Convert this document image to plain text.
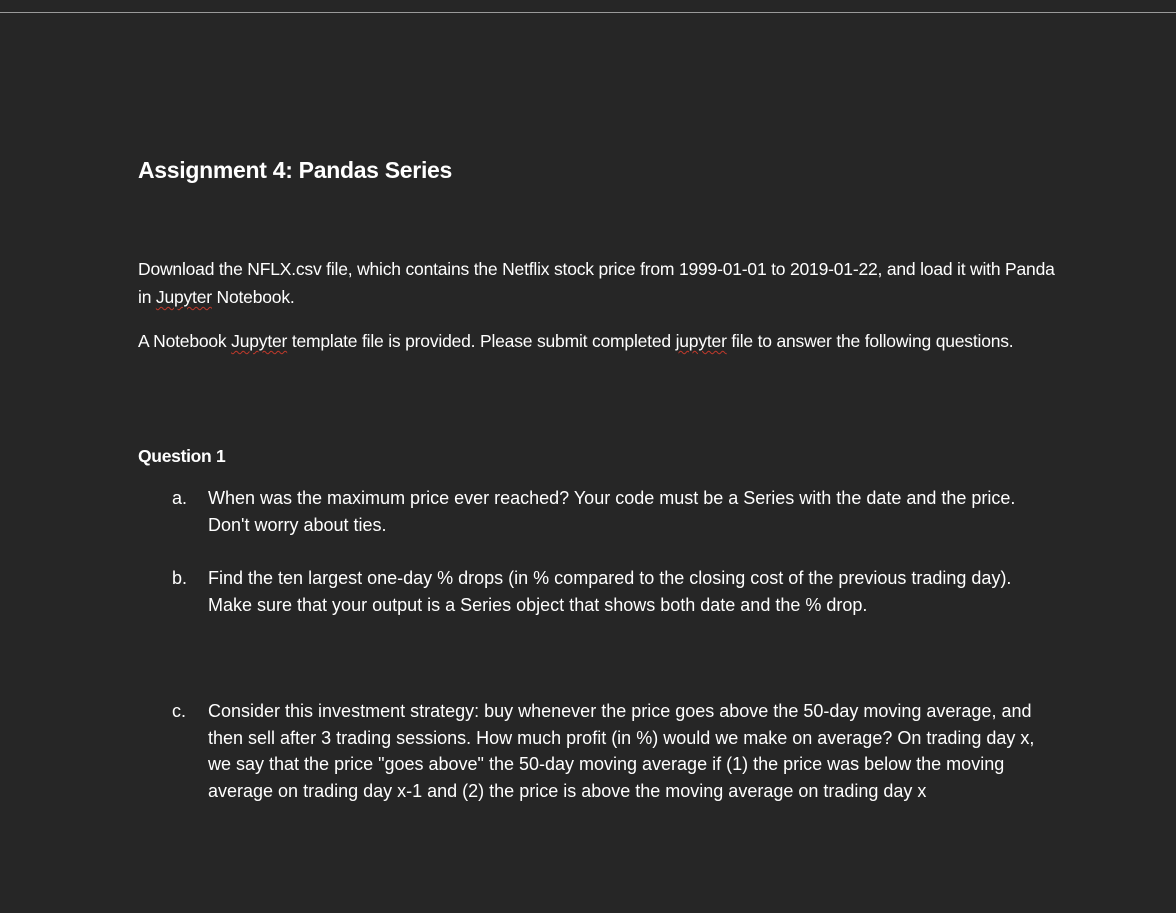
Assignment 4: Pandas Series

Download the NFLX.csv file, which contains the Netflix stock price from 1999-01-01 to 2019-01-22, and load it with Panda in Jupyter Notebook.

A Notebook Jupyter template file is provided. Please submit completed jupyter file to answer the following questions.

Question 1
a. When was the maximum price ever reached? Your code must be a Series with the date and the price. Don't worry about ties.
b. Find the ten largest one-day % drops (in % compared to the closing cost of the previous trading day). Make sure that your output is a Series object that shows both date and the % drop.
c. Consider this investment strategy: buy whenever the price goes above the 50-day moving average, and then sell after 3 trading sessions. How much profit (in %) would we make on average? On trading day x, we say that the price "goes above" the 50-day moving average if (1) the price was below the moving average on trading day x-1 and (2) the price is above the moving average on trading day x
